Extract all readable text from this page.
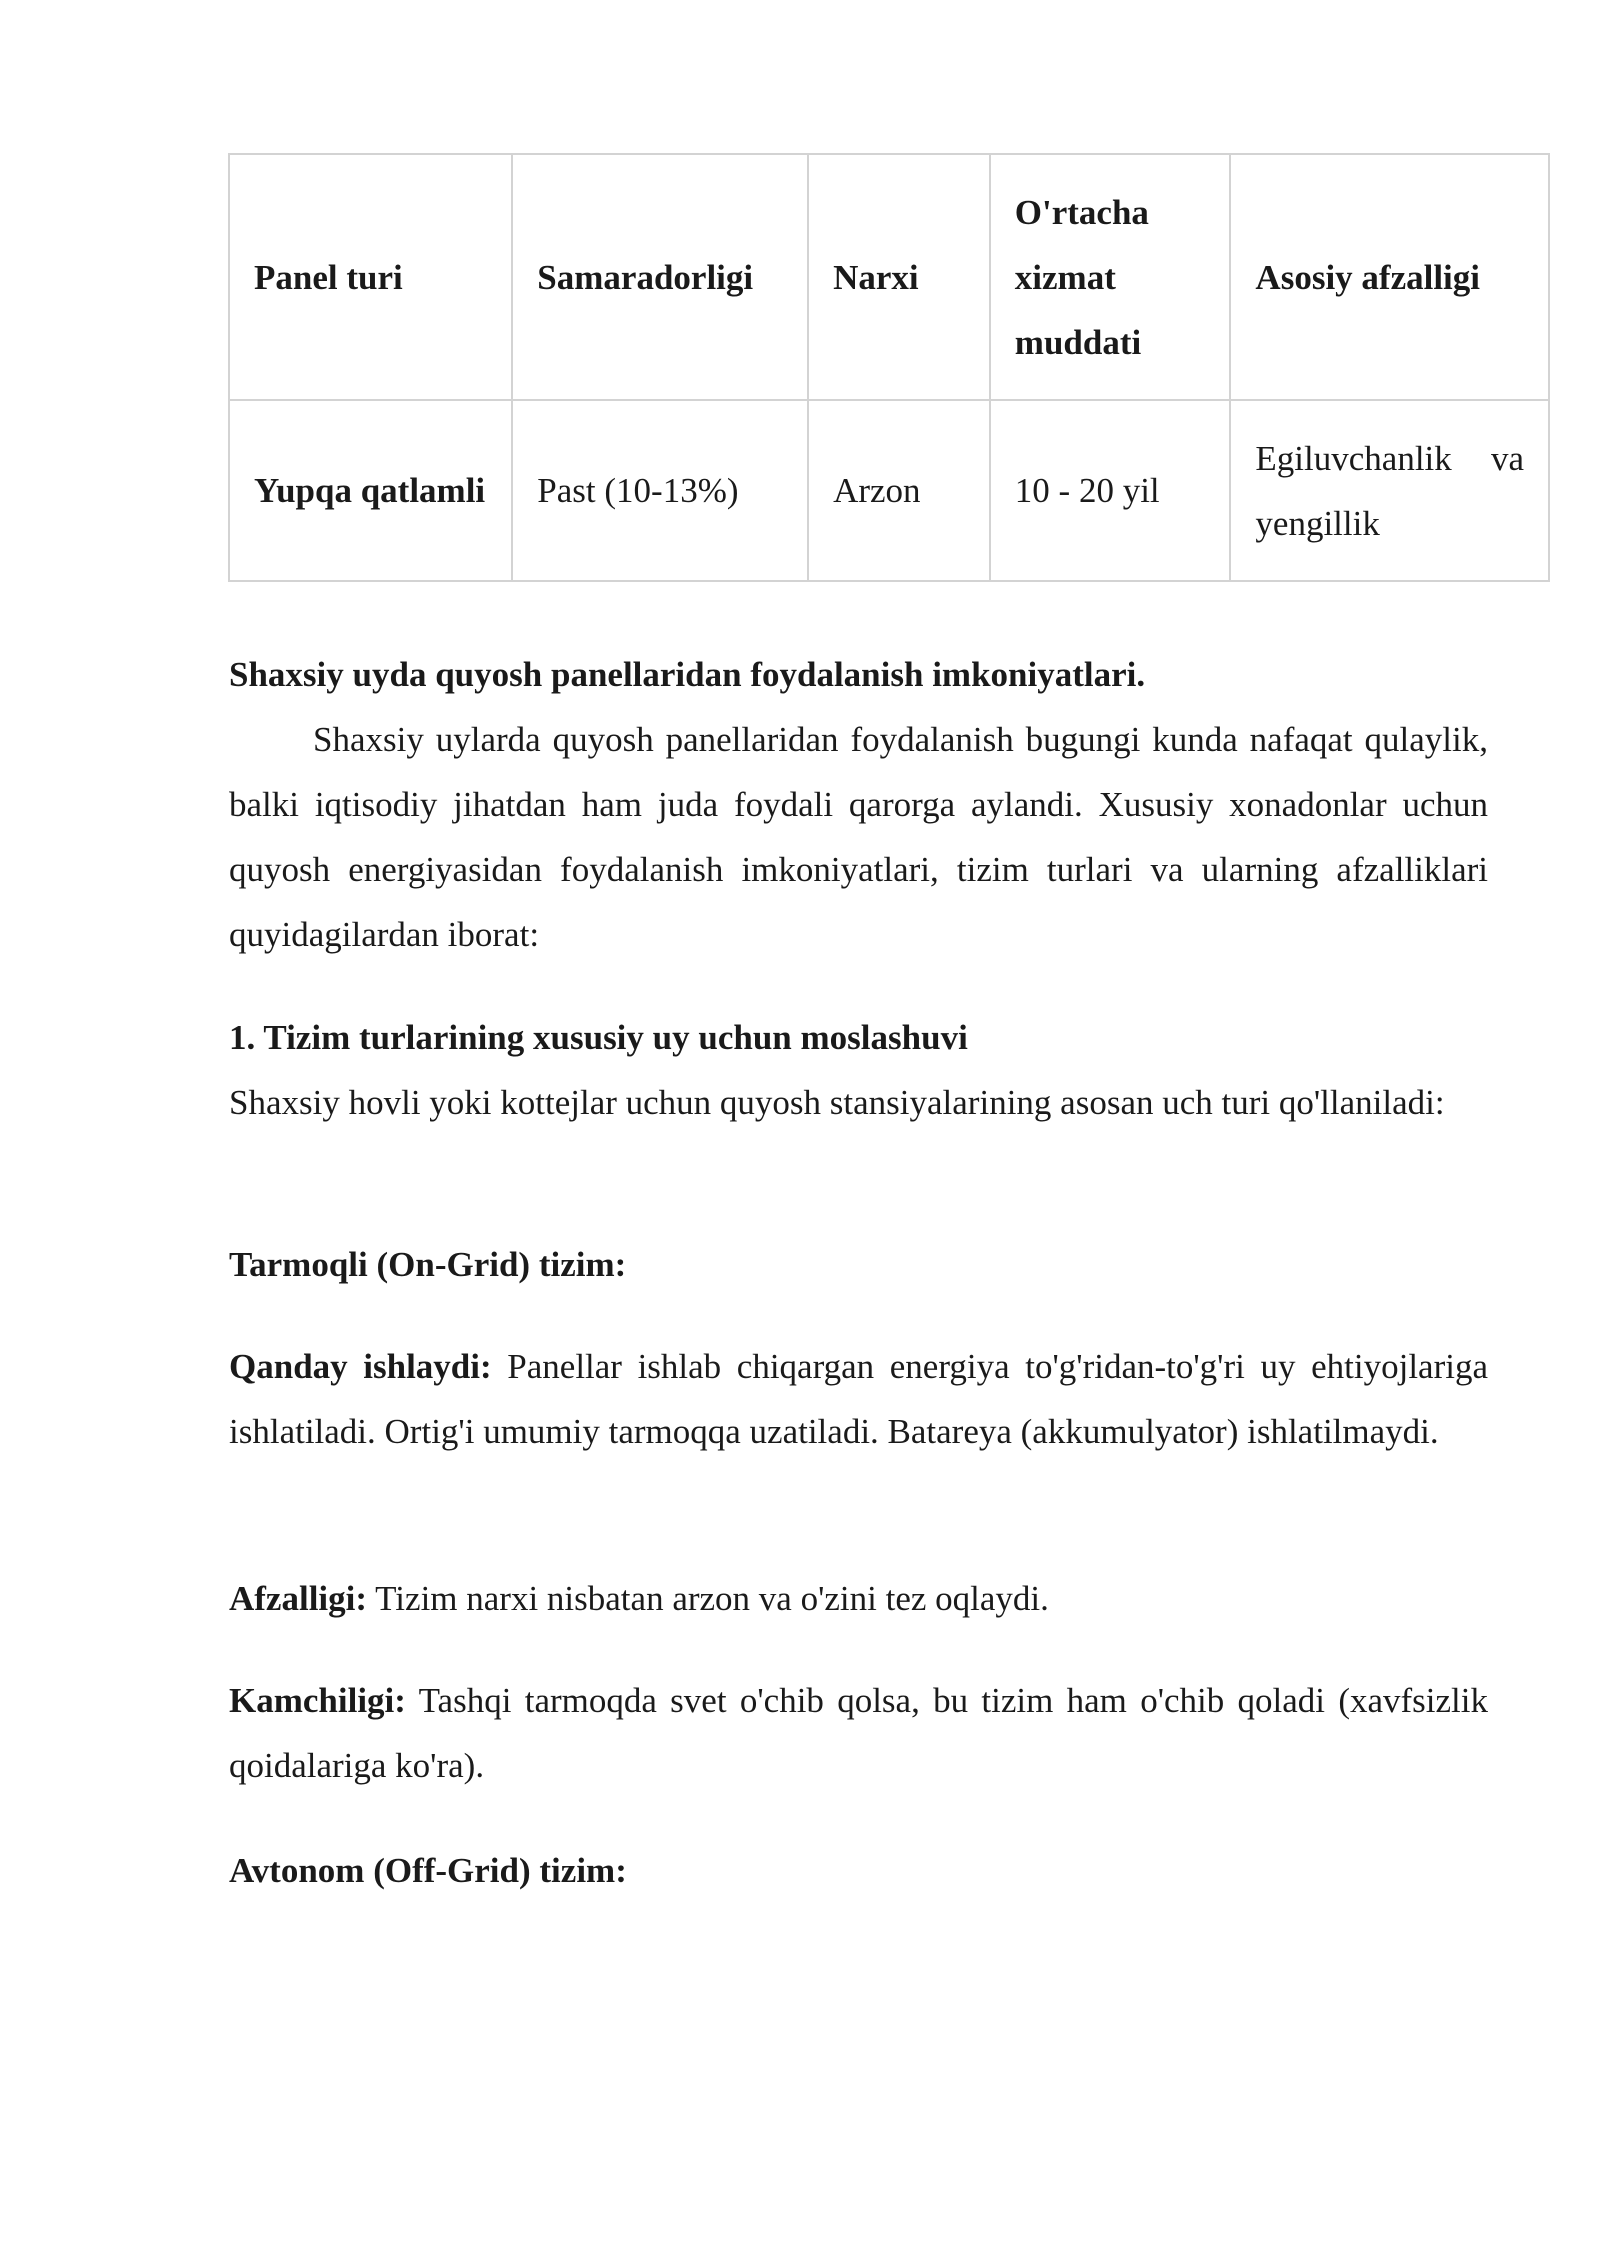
Panel turi	Samaradorligi	Narxi	O'rtacha xizmat muddati	Asosiy afzalligi
Yupqa qatlamli	Past (10-13%)	Arzon	10 - 20 yil	Egiluvchanlik va yengillik
Shaxsiy uyda quyosh panellaridan foydalanish imkoniyatlari.
Shaxsiy uylarda quyosh panellaridan foydalanish bugungi kunda nafaqat qulaylik, balki iqtisodiy jihatdan ham juda foydali qarorga aylandi. Xususiy xonadonlar uchun quyosh energiyasidan foydalanish imkoniyatlari, tizim turlari va ularning afzalliklari quyidagilardan iborat:
1. Tizim turlarining xususiy uy uchun moslashuvi
Shaxsiy hovli yoki kottejlar uchun quyosh stansiyalarining asosan uch turi qo'llaniladi:
Tarmoqli (On-Grid) tizim:
Qanday ishlaydi: Panellar ishlab chiqargan energiya to'g'ridan-to'g'ri uy ehtiyojlariga ishlatiladi. Ortig'i umumiy tarmoqqa uzatiladi. Batareya (akkumulyator) ishlatilmaydi.
Afzalligi: Tizim narxi nisbatan arzon va o'zini tez oqlaydi.
Kamchiligi: Tashqi tarmoqda svet o'chib qolsa, bu tizim ham o'chib qoladi (xavfsizlik qoidalariga ko'ra).
Avtonom (Off-Grid) tizim:
